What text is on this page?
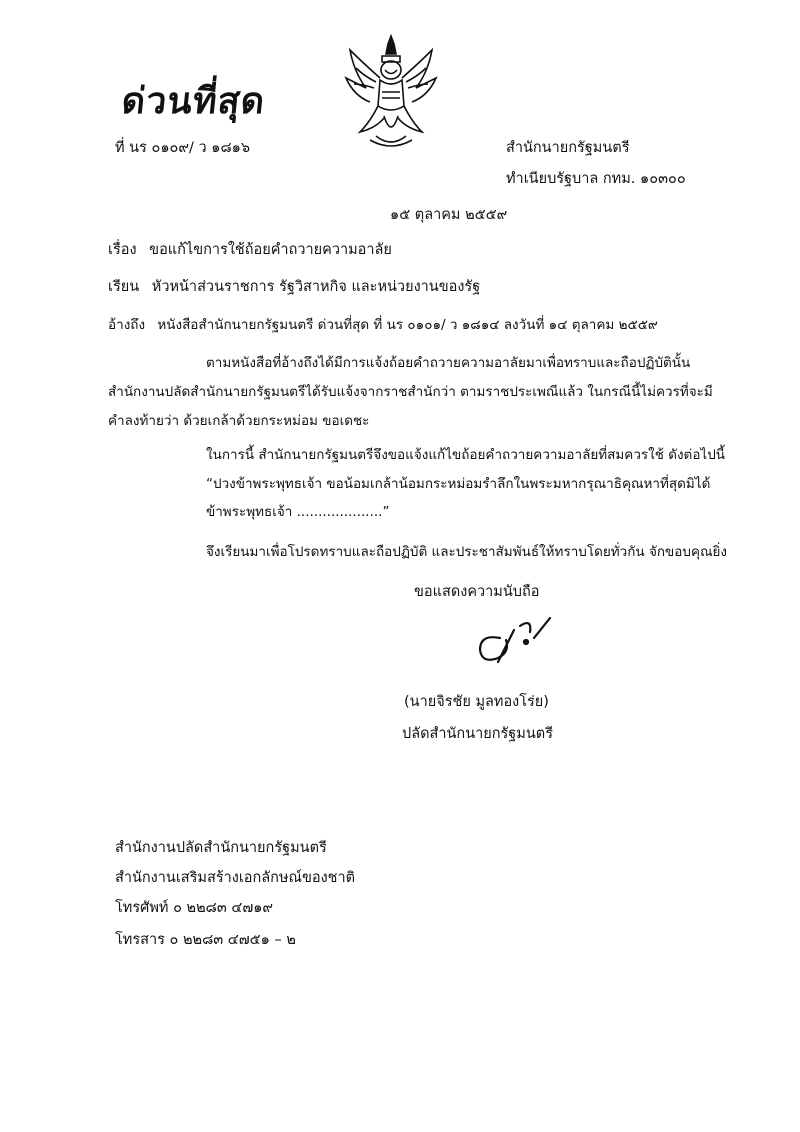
ด่วนที่สุด
ที่ นร ๐๑๐๙/ ว ๑๘๑๖	สำนักนายกรัฐมนตรี
ทำเนียบรัฐบาล กทม. ๑๐๓๐๐
๑๕ ตุลาคม ๒๕๕๙
เรื่อง ขอแก้ไขการใช้ถ้อยคำถวายความอาลัย
เรียน หัวหน้าส่วนราชการ รัฐวิสาหกิจ และหน่วยงานของรัฐ
อ้างถึง หนังสือสำนักนายกรัฐมนตรี ด่วนที่สุด ที่ นร ๐๑๐๑/ ว ๑๘๑๔ ลงวันที่ ๑๔ ตุลาคม ๒๕๕๙
ตามหนังสือที่อ้างถึงได้มีการแจ้งถ้อยคำถวายความอาลัยมาเพื่อทราบและถือปฏิบัตินั้น
สำนักงานปลัดสำนักนายกรัฐมนตรีได้รับแจ้งจากราชสำนักว่า ตามราชประเพณีแล้ว ในกรณีนี้ไม่ควรที่จะมี
คำลงท้ายว่า ด้วยเกล้าด้วยกระหม่อม ขอเดชะ
ในการนี้ สำนักนายกรัฐมนตรีจึงขอแจ้งแก้ไขถ้อยคำถวายความอาลัยที่สมควรใช้ ดังต่อไปนี้
“ปวงข้าพระพุทธเจ้า ขอน้อมเกล้าน้อมกระหม่อมรำลึกในพระมหากรุณาธิคุณหาที่สุดมิได้
ข้าพระพุทธเจ้า ....................”
จึงเรียนมาเพื่อโปรดทราบและถือปฏิบัติ และประชาสัมพันธ์ให้ทราบโดยทั่วกัน จักขอบคุณยิ่ง
ขอแสดงความนับถือ
(นายจิรชัย มูลทองโร่ย)
ปลัดสำนักนายกรัฐมนตรี
สำนักงานปลัดสำนักนายกรัฐมนตรี
สำนักงานเสริมสร้างเอกลักษณ์ของชาติ
โทรศัพท์ ๐ ๒๒๘๓ ๔๗๑๙
โทรสาร ๐ ๒๒๘๓ ๔๗๕๑ – ๒
